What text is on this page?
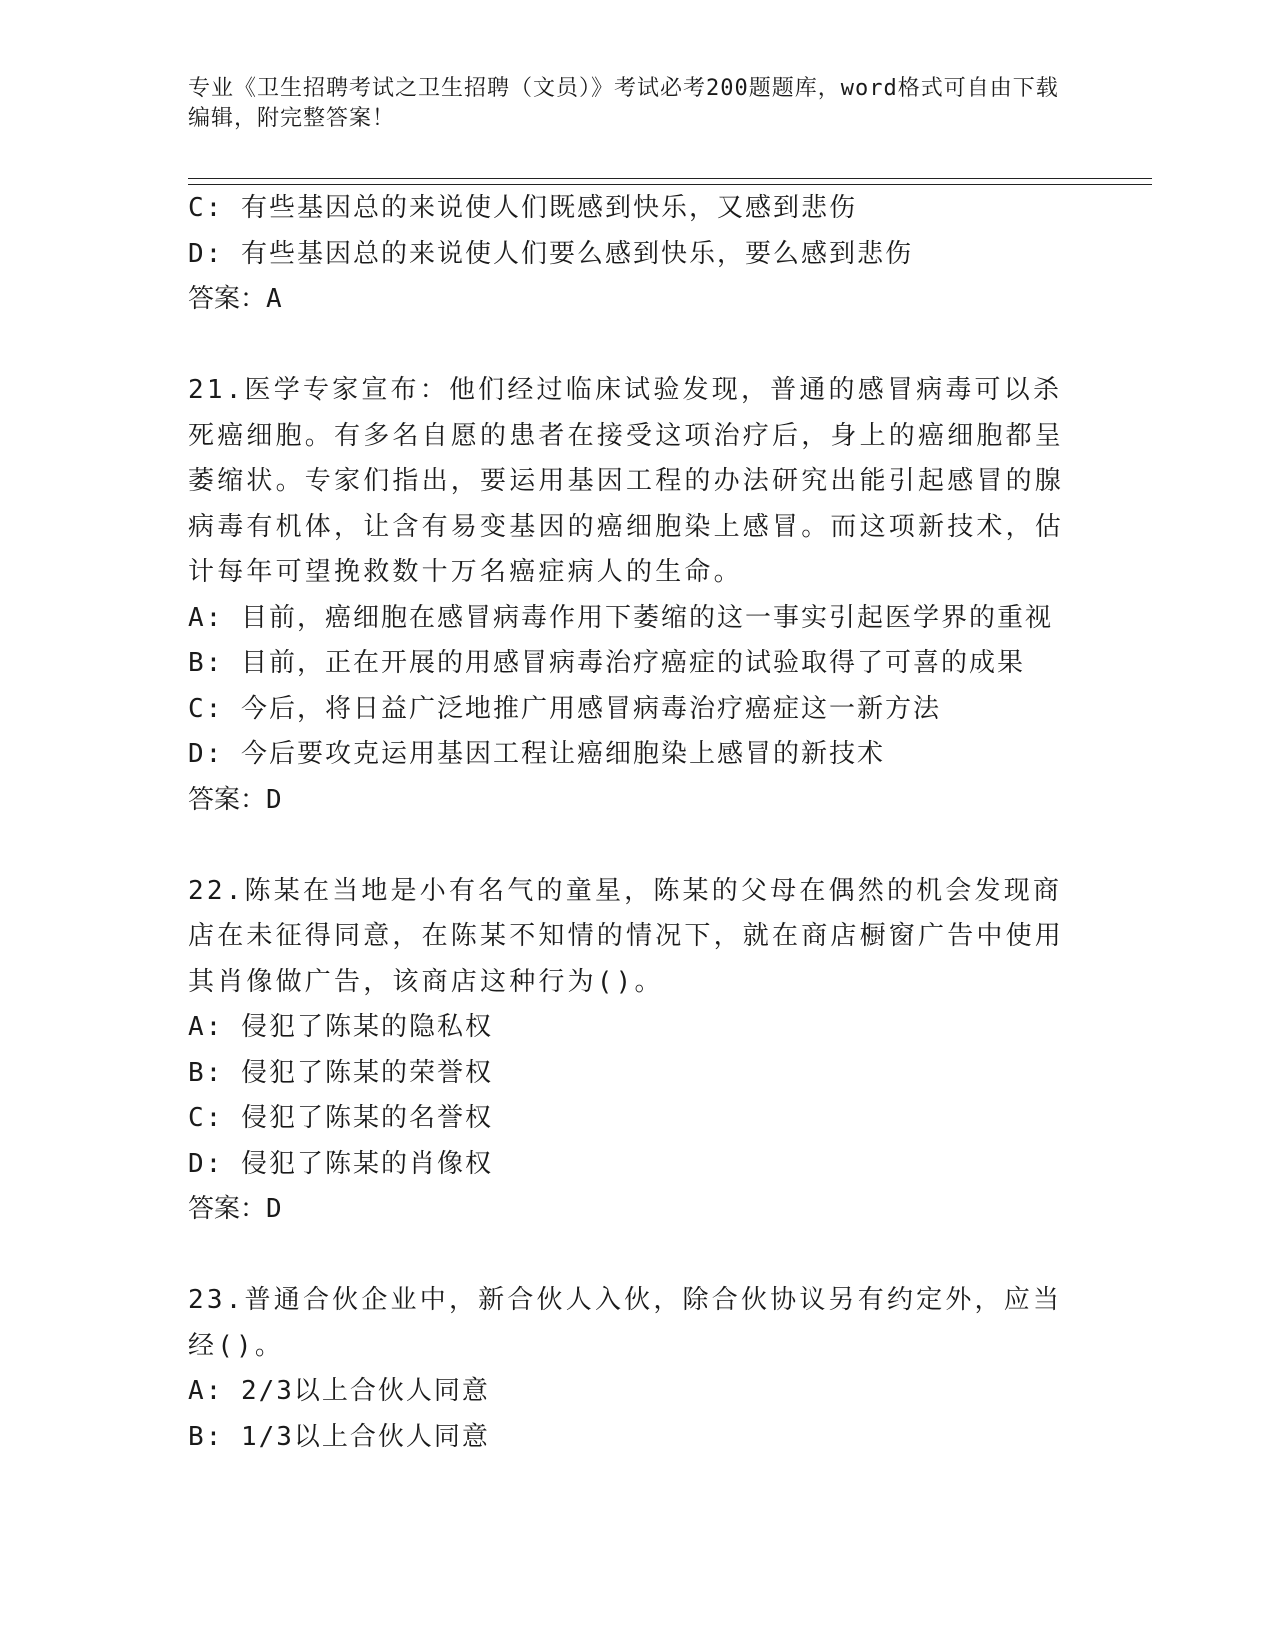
专业《卫生招聘考试之卫生招聘（文员）》考试必考200题题库，word格式可自由下载编辑，附完整答案！
C: 有些基因总的来说使人们既感到快乐，又感到悲伤
D: 有些基因总的来说使人们要么感到快乐，要么感到悲伤
答案：A
21.医学专家宣布：他们经过临床试验发现，普通的感冒病毒可以杀死癌细胞。有多名自愿的患者在接受这项治疗后，身上的癌细胞都呈萎缩状。专家们指出，要运用基因工程的办法研究出能引起感冒的腺病毒有机体，让含有易变基因的癌细胞染上感冒。而这项新技术，估计每年可望挽救数十万名癌症病人的生命。
A: 目前，癌细胞在感冒病毒作用下萎缩的这一事实引起医学界的重视
B: 目前，正在开展的用感冒病毒治疗癌症的试验取得了可喜的成果
C: 今后，将日益广泛地推广用感冒病毒治疗癌症这一新方法
D: 今后要攻克运用基因工程让癌细胞染上感冒的新技术
答案：D
22.陈某在当地是小有名气的童星，陈某的父母在偶然的机会发现商店在未征得同意，在陈某不知情的情况下，就在商店橱窗广告中使用其肖像做广告，该商店这种行为()。
A: 侵犯了陈某的隐私权
B: 侵犯了陈某的荣誉权
C: 侵犯了陈某的名誉权
D: 侵犯了陈某的肖像权
答案：D
23.普通合伙企业中，新合伙人入伙，除合伙协议另有约定外，应当经()。
A: 2/3以上合伙人同意
B: 1/3以上合伙人同意
